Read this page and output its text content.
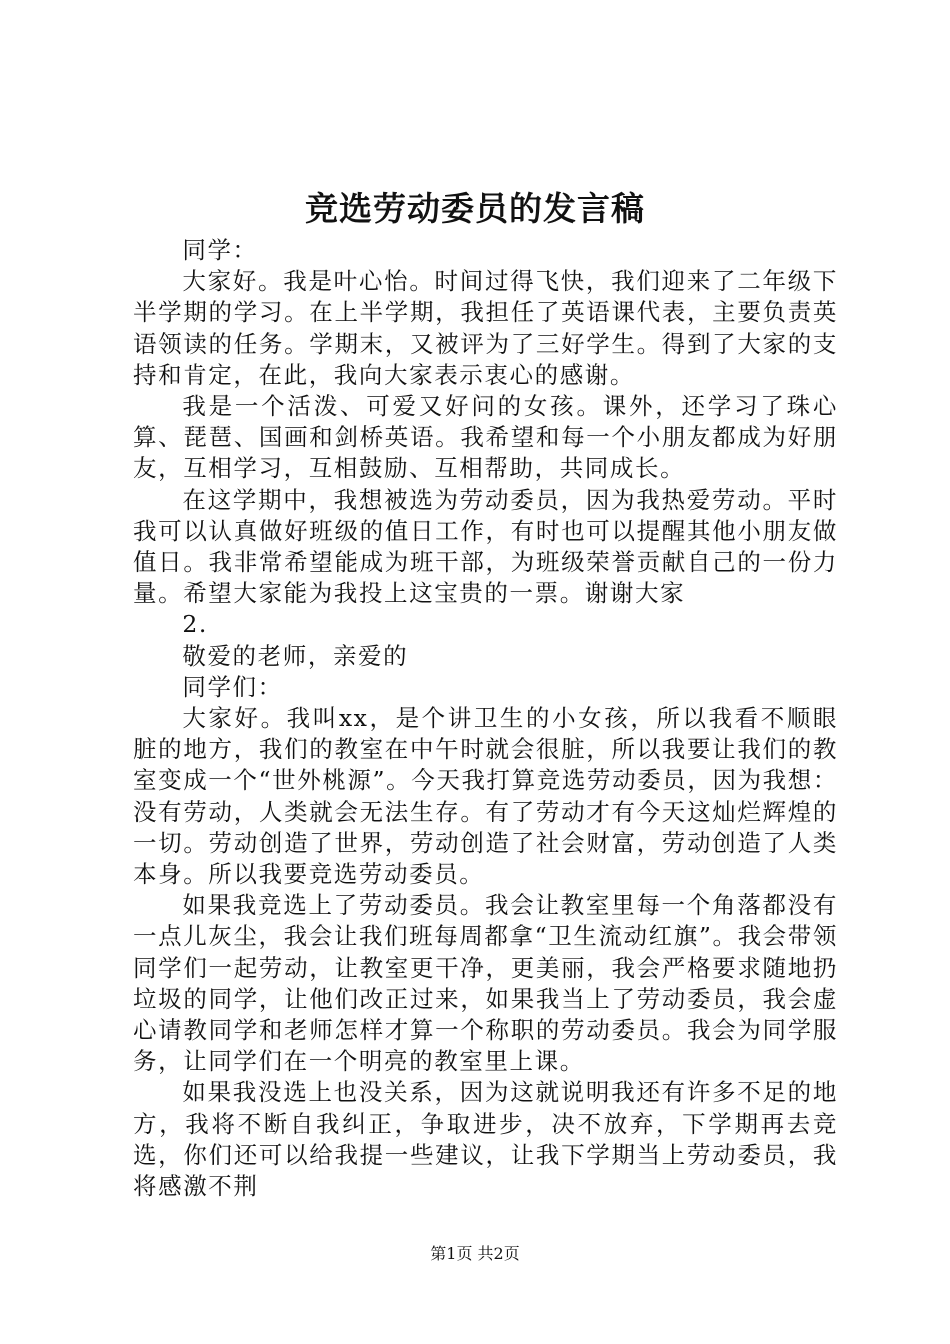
竞选劳动委员的发言稿

同学：

大家好。我是叶心怡。时间过得飞快，我们迎来了二年级下半学期的学习。在上半学期，我担任了英语课代表，主要负责英语领读的任务。学期末，又被评为了三好学生。得到了大家的支持和肯定，在此，我向大家表示衷心的感谢。

我是一个活泼、可爱又好问的女孩。课外，还学习了珠心算、琵琶、国画和剑桥英语。我希望和每一个小朋友都成为好朋友，互相学习，互相鼓励、互相帮助，共同成长。

在这学期中，我想被选为劳动委员，因为我热爱劳动。平时我可以认真做好班级的值日工作，有时也可以提醒其他小朋友做值日。我非常希望能成为班干部，为班级荣誉贡献自己的一份力量。希望大家能为我投上这宝贵的一票。谢谢大家

2.

敬爱的老师，亲爱的

同学们：

大家好。我叫xx，是个讲卫生的小女孩，所以我看不顺眼脏的地方，我们的教室在中午时就会很脏，所以我要让我们的教室变成一个“世外桃源”。今天我打算竞选劳动委员，因为我想：没有劳动，人类就会无法生存。有了劳动才有今天这灿烂辉煌的一切。劳动创造了世界，劳动创造了社会财富，劳动创造了人类本身。所以我要竞选劳动委员。

如果我竞选上了劳动委员。我会让教室里每一个角落都没有一点儿灰尘，我会让我们班每周都拿“卫生流动红旗”。我会带领同学们一起劳动，让教室更干净，更美丽，我会严格要求随地扔垃圾的同学，让他们改正过来，如果我当上了劳动委员，我会虚心请教同学和老师怎样才算一个称职的劳动委员。我会为同学服务，让同学们在一个明亮的教室里上课。

如果我没选上也没关系，因为这就说明我还有许多不足的地方，我将不断自我纠正，争取进步，决不放弃，下学期再去竞选，你们还可以给我提一些建议，让我下学期当上劳动委员，我将感激不荆

第1页 共2页
